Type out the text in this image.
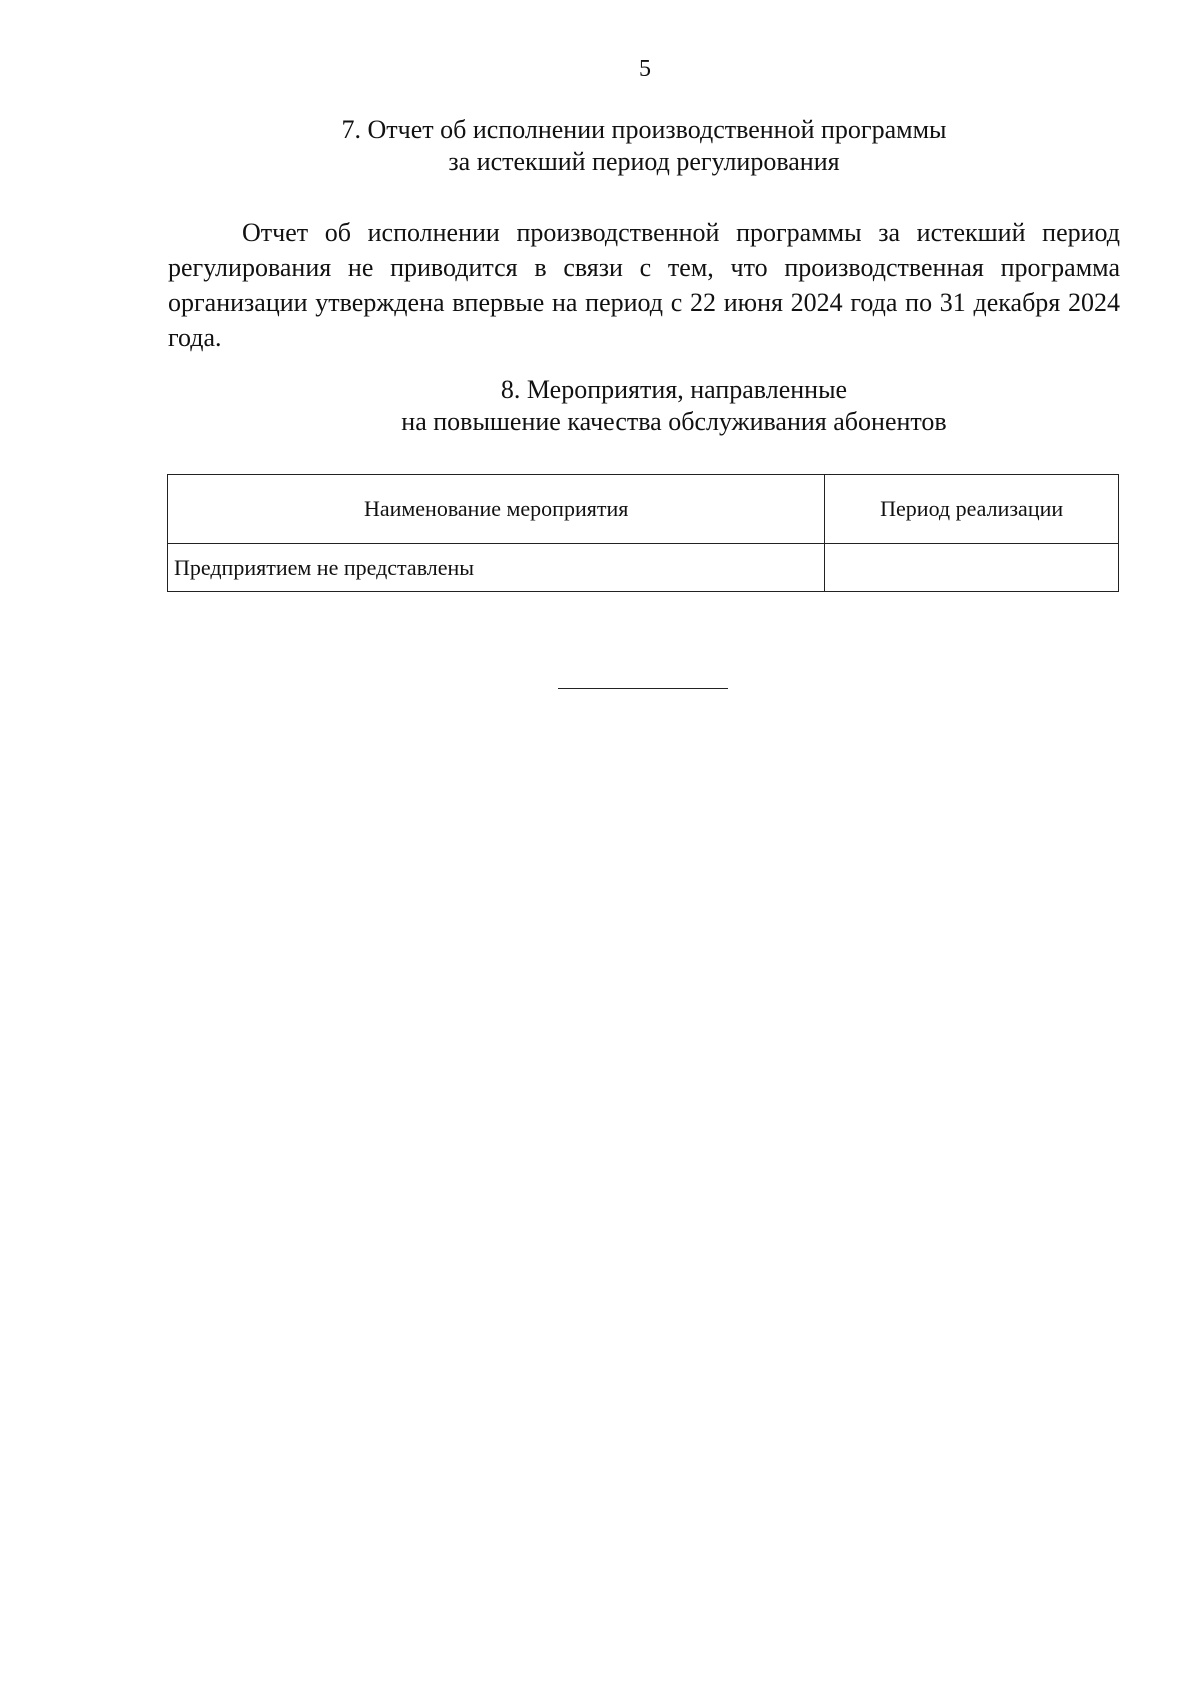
5
7. Отчет об исполнении производственной программы
за истекший период регулирования

Отчет об исполнении производственной программы за истекший период регулирования не приводится в связи с тем, что производственная программа организации утверждена впервые на период с 22 июня 2024 года по 31 декабря 2024 года.

8. Мероприятия, направленные
на повышение качества обслуживания абонентов
Наименование мероприятия	Период реализации
Предприятием не представлены	
